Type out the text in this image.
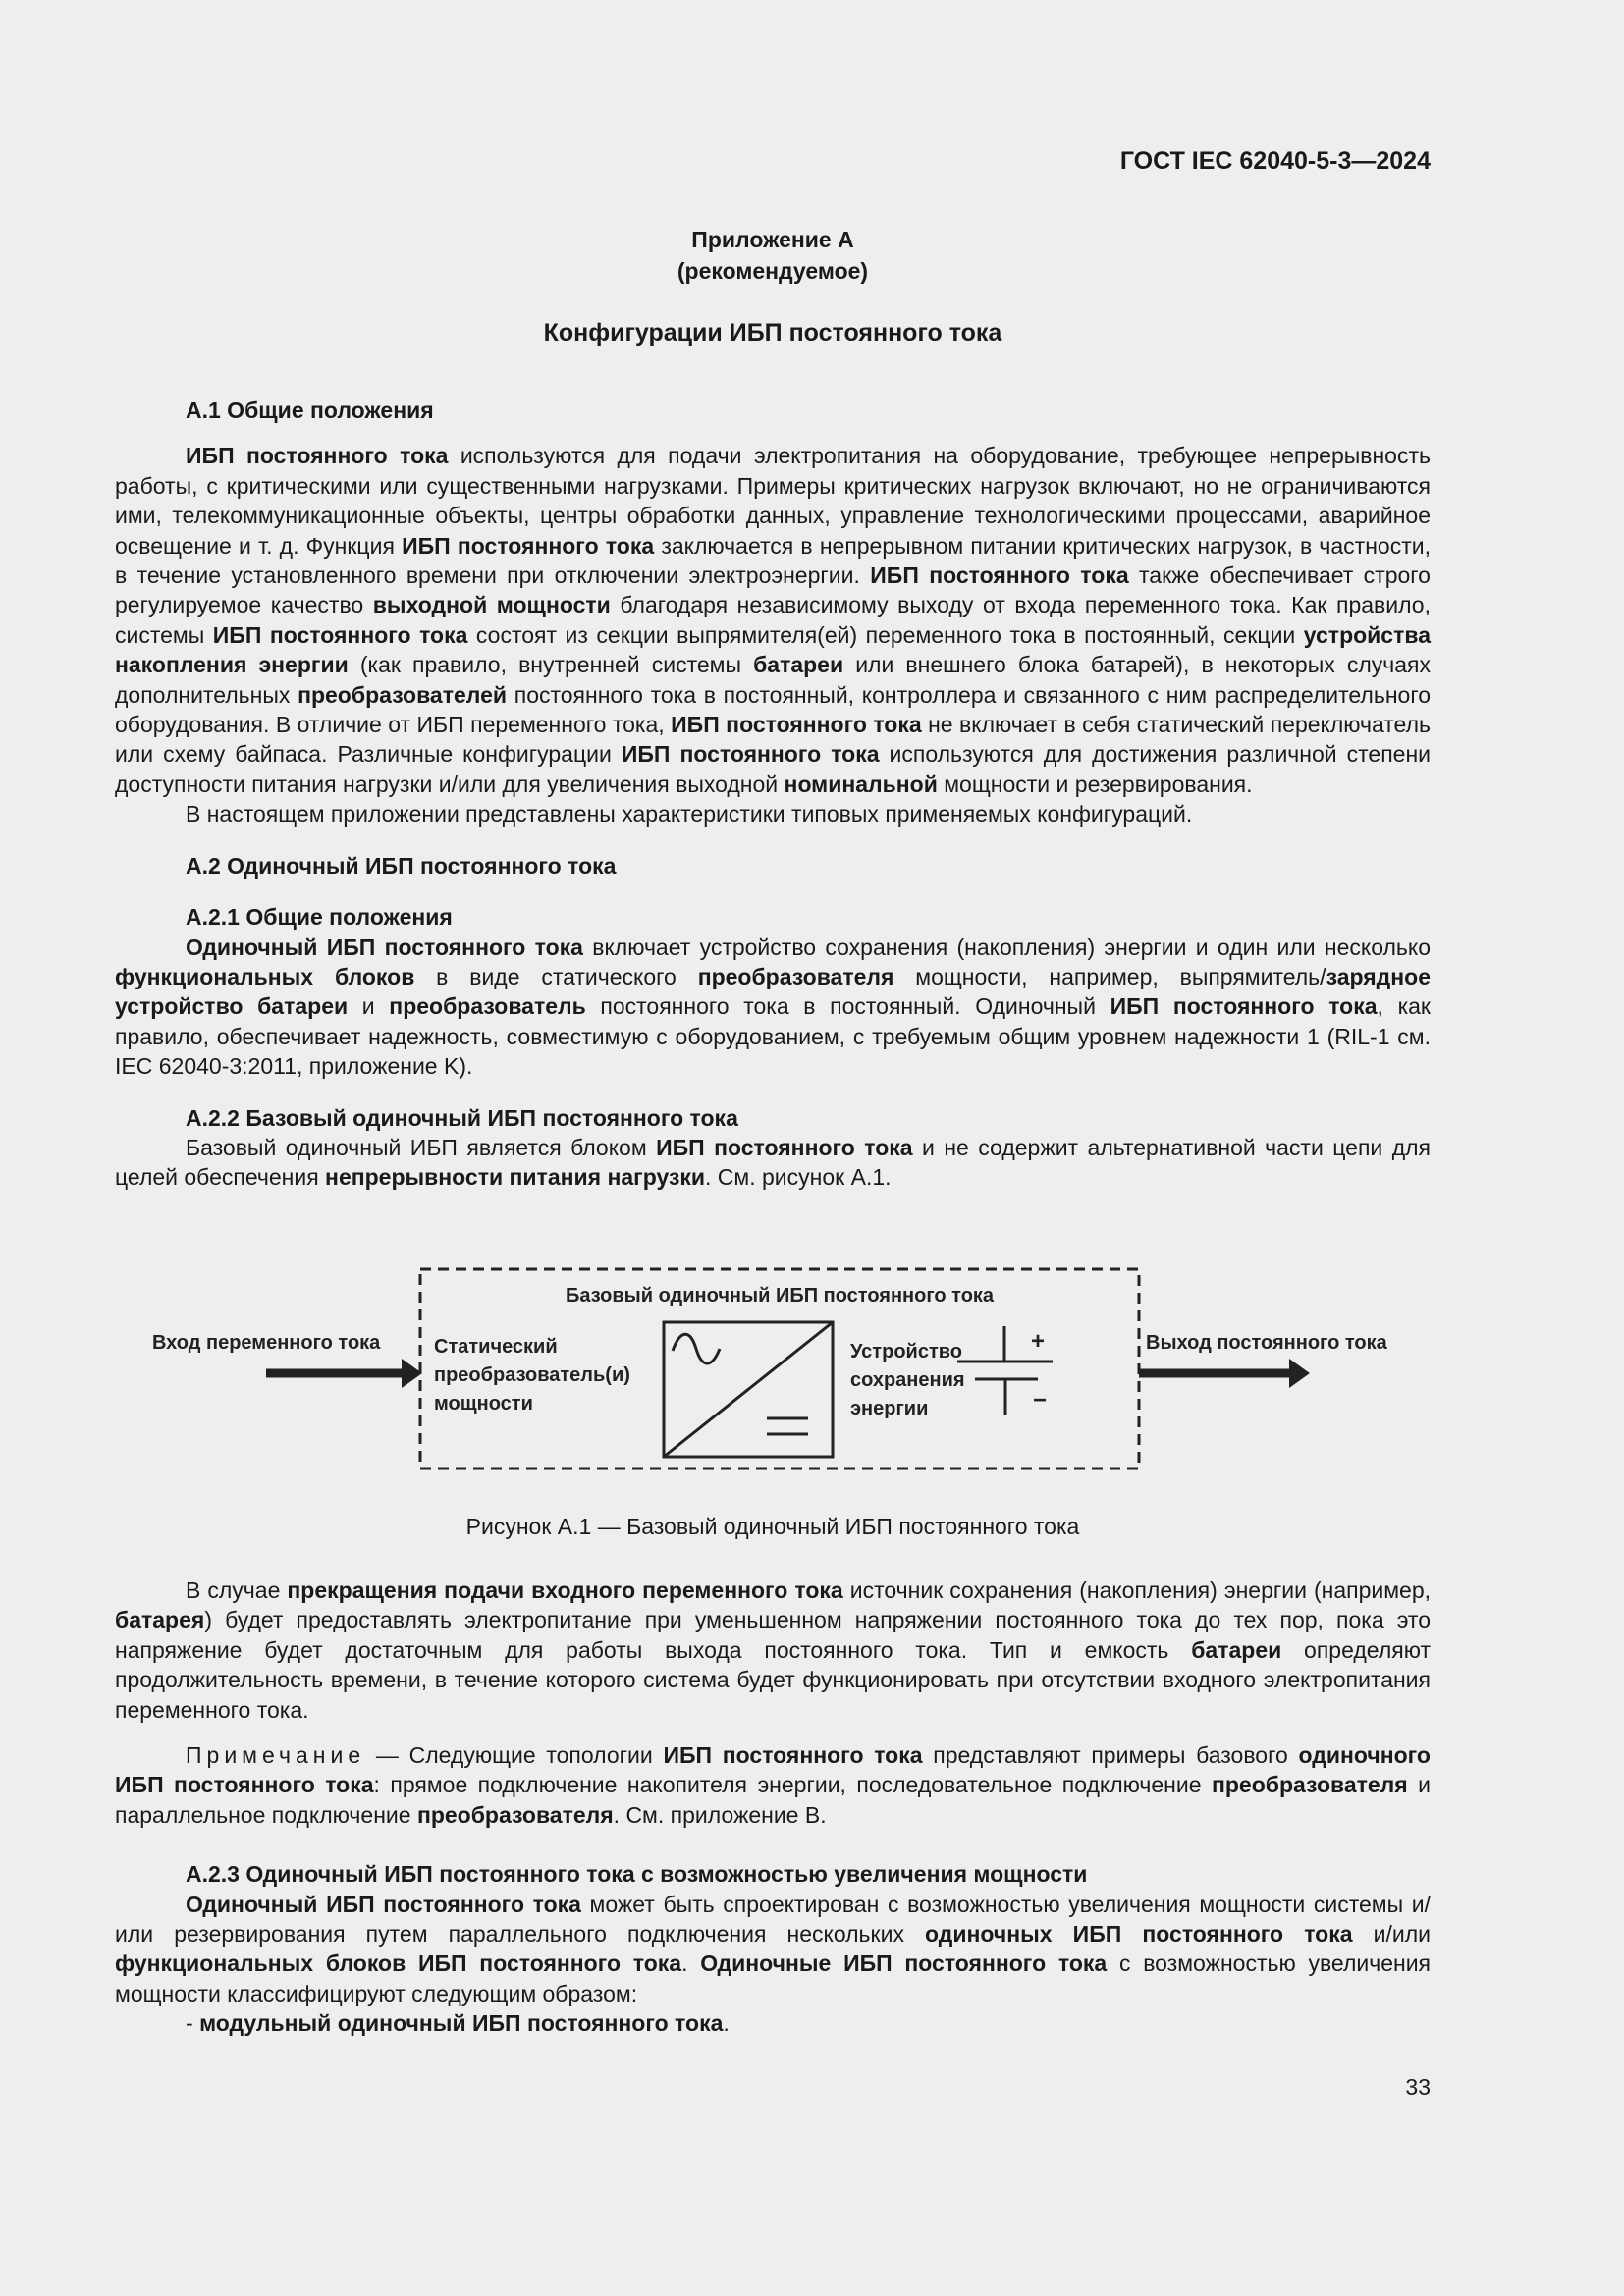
ГОСТ IEC 62040-5-3—2024
Приложение А
(рекомендуемое)
Конфигурации ИБП постоянного тока
А.1 Общие положения

ИБП постоянного тока используются для подачи электропитания на оборудование, требующее непрерывность работы, с критическими или существенными нагрузками. Примеры критических нагрузок включают, но не ограничиваются ими, телекоммуникационные объекты, центры обработки данных, управление технологическими процессами, аварийное освещение и т. д. Функция ИБП постоянного тока заключается в непрерывном питании критических нагрузок, в частности, в течение установленного времени при отключении электроэнергии. ИБП постоянного тока также обеспечивает строго регулируемое качество выходной мощности благодаря независимому выходу от входа переменного тока. Как правило, системы ИБП постоянного тока состоят из секции выпрямителя(ей) переменного тока в постоянный, секции устройства накопления энергии (как правило, внутренней системы батареи или внешнего блока батарей), в некоторых случаях дополнительных преобразователей постоянного тока в постоянный, контроллера и связанного с ним распределительного оборудования. В отличие от ИБП переменного тока, ИБП постоянного тока не включает в себя статический переключатель или схему байпаса. Различные конфигурации ИБП постоянного тока используются для достижения различной степени доступности питания нагрузки и/или для увеличения выходной номинальной мощности и резервирования.

В настоящем приложении представлены характеристики типовых применяемых конфигураций.

А.2 Одиночный ИБП постоянного тока
А.2.1 Общие положения

Одиночный ИБП постоянного тока включает устройство сохранения (накопления) энергии и один или несколько функциональных блоков в виде статического преобразователя мощности, например, выпрямитель/зарядное устройство батареи и преобразователь постоянного тока в постоянный. Одиночный ИБП постоянного тока, как правило, обеспечивает надежность, совместимую с оборудованием, с требуемым общим уровнем надежности 1 (RIL-1 см. IEC 62040-3:2011, приложение K).

А.2.2 Базовый одиночный ИБП постоянного тока

Базовый одиночный ИБП является блоком ИБП постоянного тока и не содержит альтернативной части цепи для целей обеспечения непрерывности питания нагрузки. См. рисунок А.1.

Базовый одиночный ИБП постоянного тока
Вход переменного тока	Статический преобразователь(и) мощности
Устройство сохранения энергии
+
−
Выход постоянного тока
Рисунок А.1 — Базовый одиночный ИБП постоянного тока

В случае прекращения подачи входного переменного тока источник сохранения (накопления) энергии (например, батарея) будет предоставлять электропитание при уменьшенном напряжении постоянного тока до тех пор, пока это напряжение будет достаточным для работы выхода постоянного тока. Тип и емкость батареи определяют продолжительность времени, в течение которого система будет функционировать при отсутствии входного электропитания переменного тока.

Примечание — Следующие топологии ИБП постоянного тока представляют примеры базового одиночного ИБП постоянного тока: прямое подключение накопителя энергии, последовательное подключение преобразователя и параллельное подключение преобразователя. См. приложение В.

А.2.3 Одиночный ИБП постоянного тока с возможностью увеличения мощности

Одиночный ИБП постоянного тока может быть спроектирован с возможностью увеличения мощности системы и/или резервирования путем параллельного подключения нескольких одиночных ИБП постоянного тока и/или функциональных блоков ИБП постоянного тока. Одиночные ИБП постоянного тока с возможностью увеличения мощности классифицируют следующим образом:

- модульный одиночный ИБП постоянного тока.

33
